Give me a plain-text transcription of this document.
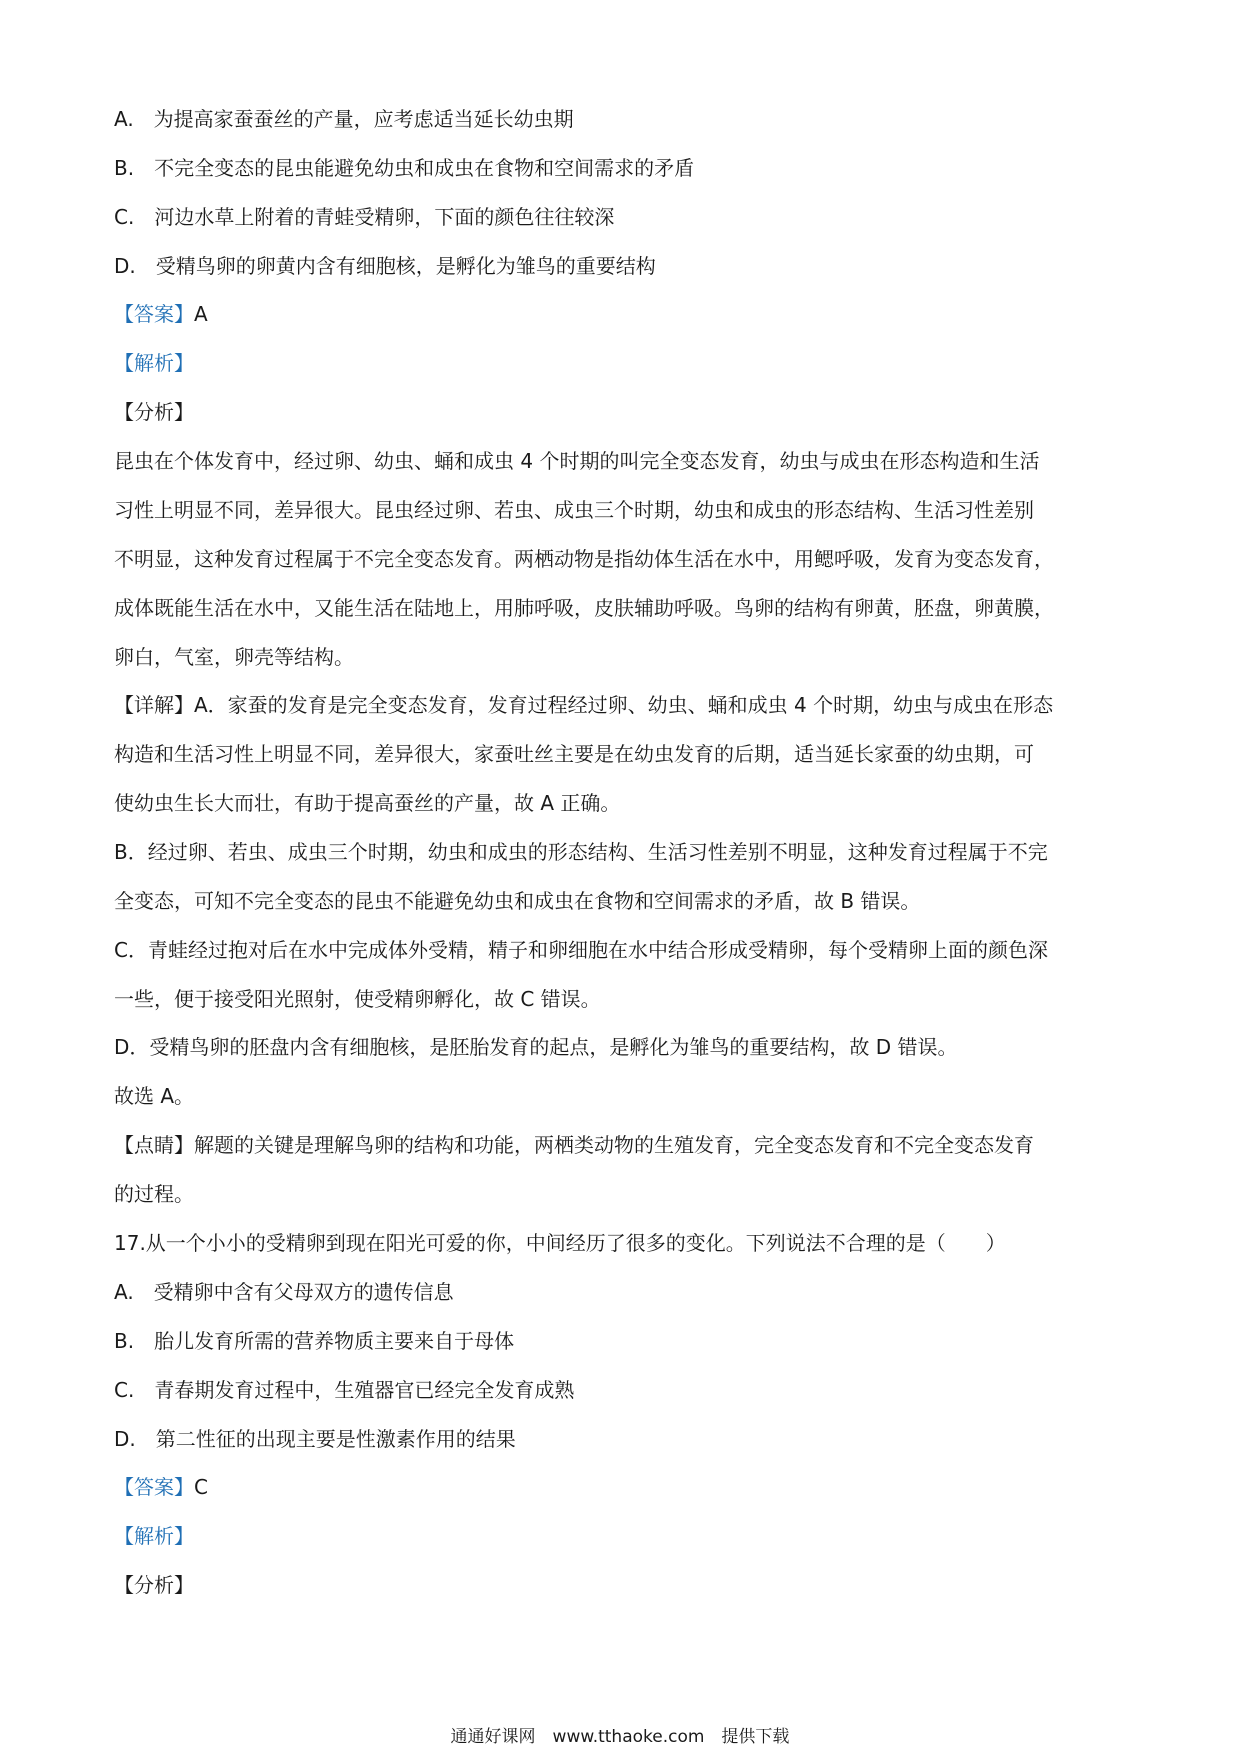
A.　为提高家蚕蚕丝的产量，应考虑适当延长幼虫期
B.　不完全变态的昆虫能避免幼虫和成虫在食物和空间需求的矛盾
C.　河边水草上附着的青蛙受精卵，下面的颜色往往较深
D.　受精鸟卵的卵黄内含有细胞核，是孵化为雏鸟的重要结构
【答案】A
【解析】
【分析】
昆虫在个体发育中，经过卵、幼虫、蛹和成虫 4 个时期的叫完全变态发育，幼虫与成虫在形态构造和生活
习性上明显不同，差异很大。昆虫经过卵、若虫、成虫三个时期，幼虫和成虫的形态结构、生活习性差别
不明显，这种发育过程属于不完全变态发育。两栖动物是指幼体生活在水中，用鳃呼吸，发育为变态发育，
成体既能生活在水中，又能生活在陆地上，用肺呼吸，皮肤辅助呼吸。鸟卵的结构有卵黄，胚盘，卵黄膜，
卵白，气室，卵壳等结构。
【详解】A．家蚕的发育是完全变态发育，发育过程经过卵、幼虫、蛹和成虫 4 个时期，幼虫与成虫在形态
构造和生活习性上明显不同，差异很大，家蚕吐丝主要是在幼虫发育的后期，适当延长家蚕的幼虫期，可
使幼虫生长大而壮，有助于提高蚕丝的产量，故 A 正确。
B．经过卵、若虫、成虫三个时期，幼虫和成虫的形态结构、生活习性差别不明显，这种发育过程属于不完
全变态，可知不完全变态的昆虫不能避免幼虫和成虫在食物和空间需求的矛盾，故 B 错误。
C．青蛙经过抱对后在水中完成体外受精，精子和卵细胞在水中结合形成受精卵，每个受精卵上面的颜色深
一些，便于接受阳光照射，使受精卵孵化，故 C 错误。
D．受精鸟卵的胚盘内含有细胞核，是胚胎发育的起点，是孵化为雏鸟的重要结构，故 D 错误。
故选 A。
【点睛】解题的关键是理解鸟卵的结构和功能，两栖类动物的生殖发育，完全变态发育和不完全变态发育
的过程。
17.从一个小小的受精卵到现在阳光可爱的你，中间经历了很多的变化。下列说法不合理的是（　　）
A.　受精卵中含有父母双方的遗传信息
B.　胎儿发育所需的营养物质主要来自于母体
C.　青春期发育过程中，生殖器官已经完全发育成熟
D.　第二性征的出现主要是性激素作用的结果
【答案】C
【解析】
【分析】
通通好课网　www.tthaoke.com　提供下载
